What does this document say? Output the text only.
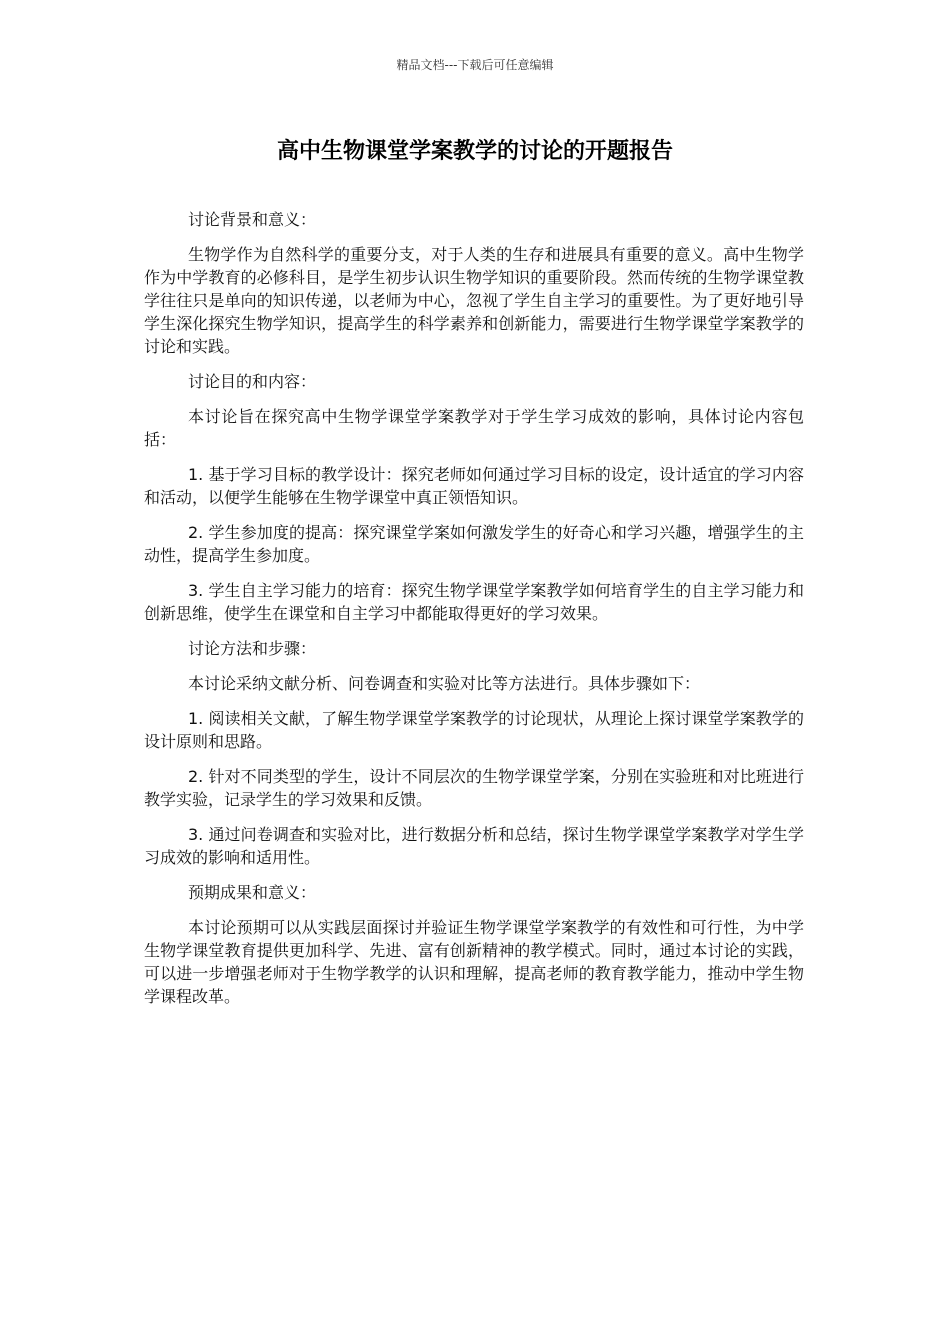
精品文档---下载后可任意编辑
高中生物课堂学案教学的讨论的开题报告

讨论背景和意义：

生物学作为自然科学的重要分支，对于人类的生存和进展具有重要的意义。高中生物学作为中学教育的必修科目，是学生初步认识生物学知识的重要阶段。然而传统的生物学课堂教学往往只是单向的知识传递，以老师为中心，忽视了学生自主学习的重要性。为了更好地引导学生深化探究生物学知识，提高学生的科学素养和创新能力，需要进行生物学课堂学案教学的讨论和实践。

讨论目的和内容：

本讨论旨在探究高中生物学课堂学案教学对于学生学习成效的影响，具体讨论内容包括：

1. 基于学习目标的教学设计：探究老师如何通过学习目标的设定，设计适宜的学习内容和活动，以便学生能够在生物学课堂中真正领悟知识。

2. 学生参加度的提高：探究课堂学案如何激发学生的好奇心和学习兴趣，增强学生的主动性，提高学生参加度。

3. 学生自主学习能力的培育：探究生物学课堂学案教学如何培育学生的自主学习能力和创新思维，使学生在课堂和自主学习中都能取得更好的学习效果。

讨论方法和步骤：

本讨论采纳文献分析、问卷调查和实验对比等方法进行。具体步骤如下：

1. 阅读相关文献，了解生物学课堂学案教学的讨论现状，从理论上探讨课堂学案教学的设计原则和思路。

2. 针对不同类型的学生，设计不同层次的生物学课堂学案，分别在实验班和对比班进行教学实验，记录学生的学习效果和反馈。

3. 通过问卷调查和实验对比，进行数据分析和总结，探讨生物学课堂学案教学对学生学习成效的影响和适用性。

预期成果和意义：

本讨论预期可以从实践层面探讨并验证生物学课堂学案教学的有效性和可行性，为中学生物学课堂教育提供更加科学、先进、富有创新精神的教学模式。同时，通过本讨论的实践，可以进一步增强老师对于生物学教学的认识和理解，提高老师的教育教学能力，推动中学生物学课程改革。
